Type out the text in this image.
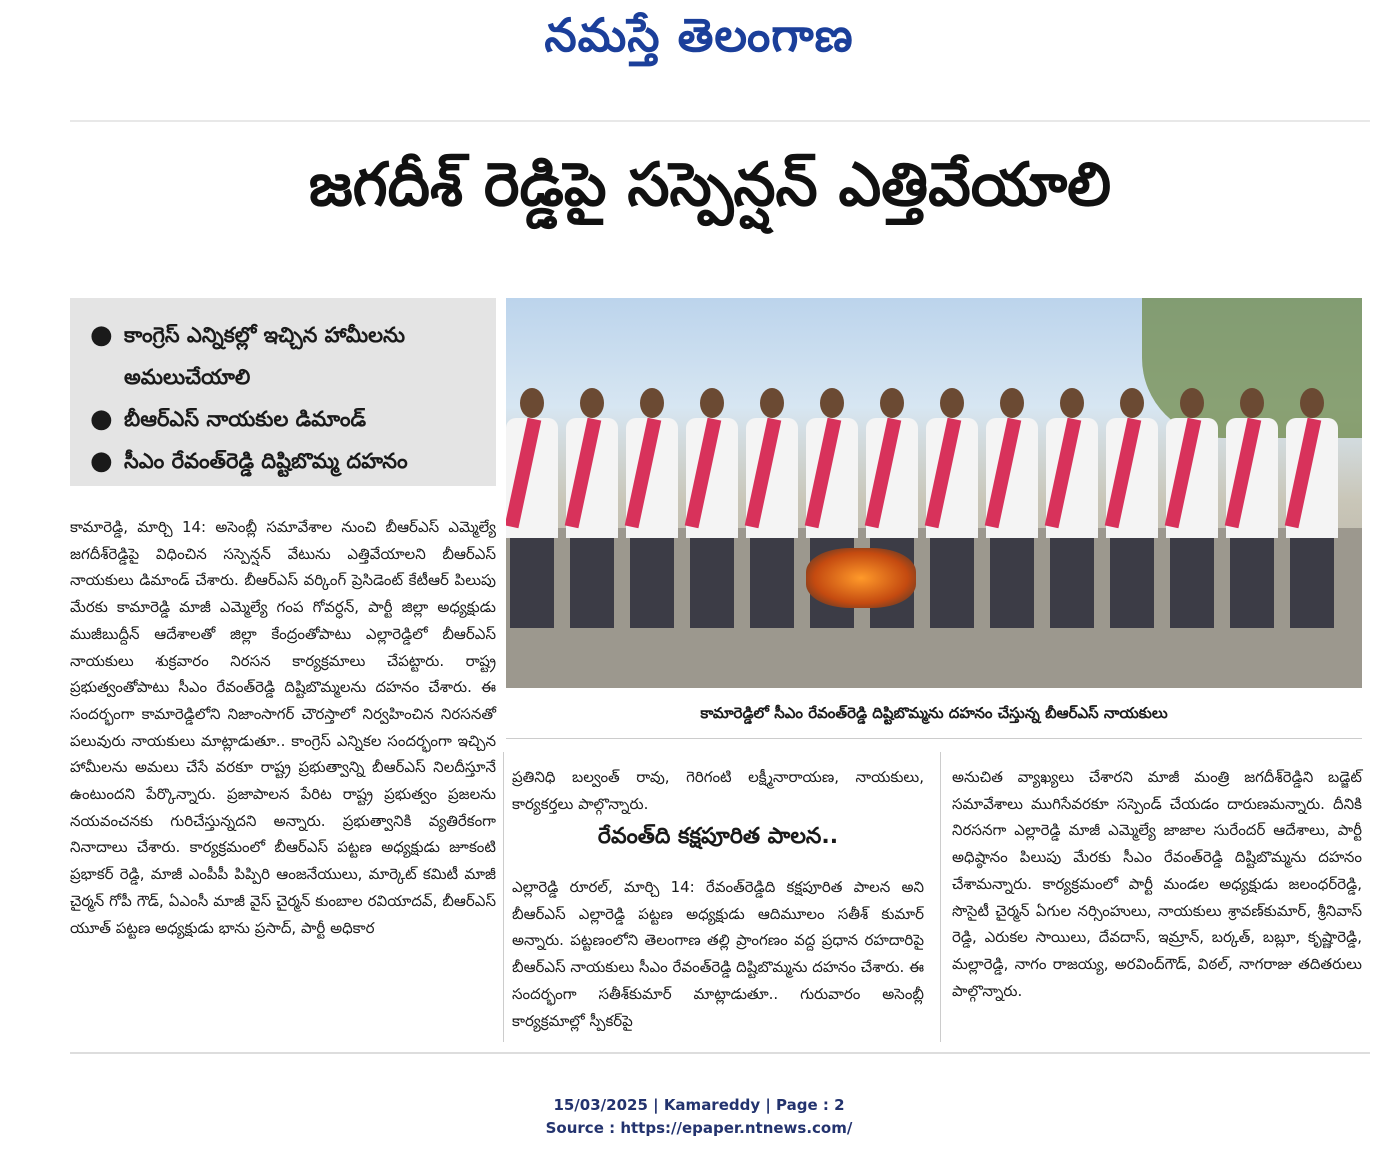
నమస్తే తెలంగాణ
జగదీశ్ రెడ్డిపై సస్పెన్షన్ ఎత్తివేయాలి
● కాంగ్రెస్ ఎన్నికల్లో ఇచ్చిన హామీలను అమలుచేయాలి
● బీఆర్ఎస్ నాయకుల డిమాండ్
● సీఎం రేవంత్‌రెడ్డి దిష్టిబొమ్మ దహనం
కామారెడ్డిలో సీఎం రేవంత్‌రెడ్డి దిష్టిబొమ్మను దహనం చేస్తున్న బీఆర్ఎస్ నాయకులు

కామారెడ్డి, మార్చి 14: అసెంబ్లీ సమావేశాల నుంచి బీఆర్ఎస్ ఎమ్మెల్యే జగదీశ్‌రెడ్డిపై విధించిన సస్పెన్షన్ వేటును ఎత్తివేయాలని బీఆర్ఎస్ నాయకులు డిమాండ్ చేశారు. బీఆర్ఎస్ వర్కింగ్ ప్రెసిడెంట్ కేటీఆర్ పిలుపు మేరకు కామారెడ్డి మాజీ ఎమ్మెల్యే గంప గోవర్ధన్, పార్టీ జిల్లా అధ్యక్షుడు ముజీబుద్దీన్ ఆదేశాలతో జిల్లా కేంద్రంతోపాటు ఎల్లారెడ్డిలో బీఆర్ఎస్ నాయకులు శుక్రవారం నిరసన కార్యక్రమాలు చేపట్టారు. రాష్ట్ర ప్రభుత్వంతోపాటు సీఎం రేవంత్‌రెడ్డి దిష్టిబొమ్మలను దహనం చేశారు. ఈ సందర్భంగా కామారెడ్డిలోని నిజాంసాగర్ చౌరస్తాలో నిర్వహించిన నిరసనతో పలువురు నాయకులు మాట్లాడుతూ.. కాంగ్రెస్ ఎన్నికల సందర్భంగా ఇచ్చిన హామీలను అమలు చేసే వరకూ రాష్ట్ర ప్రభుత్వాన్ని బీఆర్ఎస్ నిలదీస్తూనే ఉంటుందని పేర్కొన్నారు. ప్రజాపాలన పేరిట రాష్ట్ర ప్రభుత్వం ప్రజలను నయవంచనకు గురిచేస్తున్నదని అన్నారు. ప్రభుత్వానికి వ్యతిరేకంగా నినాదాలు చేశారు. కార్యక్రమంలో బీఆర్ఎస్ పట్టణ అధ్యక్షుడు జూకంటి ప్రభాకర్ రెడ్డి, మాజీ ఎంపీపీ పిప్పిరి ఆంజనేయులు, మార్కెట్ కమిటీ మాజీ చైర్మన్ గోపీ గౌడ్, ఏఎంసీ మాజీ వైస్ చైర్మన్ కుంబాల రవియాదవ్, బీఆర్ఎస్ యూత్ పట్టణ అధ్యక్షుడు భాను ప్రసాద్, పార్టీ అధికార

ప్రతినిధి బల్వంత్ రావు, గెరిగంటి లక్ష్మీనారాయణ, నాయకులు, కార్యకర్తలు పాల్గొన్నారు.

రేవంత్‌ది కక్షపూరిత పాలన..

ఎల్లారెడ్డి రూరల్, మార్చి 14: రేవంత్‌రెడ్డిది కక్షపూరిత పాలన అని బీఆర్ఎస్ ఎల్లారెడ్డి పట్టణ అధ్యక్షుడు ఆదిమూలం సతీశ్ కుమార్ అన్నారు. పట్టణంలోని తెలంగాణ తల్లి ప్రాంగణం వద్ద ప్రధాన రహదారిపై బీఆర్ఎస్ నాయకులు సీఎం రేవంత్‌రెడ్డి దిష్టిబొమ్మను దహనం చేశారు. ఈ సందర్భంగా సతీశ్‌కుమార్ మాట్లాడుతూ.. గురువారం అసెంబ్లీ కార్యక్రమాల్లో స్పీకర్‌పై

అనుచిత వ్యాఖ్యలు చేశారని మాజీ మంత్రి జగదీశ్‌రెడ్డిని బడ్జెట్ సమావేశాలు ముగిసేవరకూ సస్పెండ్ చేయడం దారుణమన్నారు. దీనికి నిరసనగా ఎల్లారెడ్డి మాజీ ఎమ్మెల్యే జాజాల సురేందర్ ఆదేశాలు, పార్టీ అధిష్ఠానం పిలుపు మేరకు సీఎం రేవంత్‌రెడ్డి దిష్టిబొమ్మను దహనం చేశామన్నారు. కార్యక్రమంలో పార్టీ మండల అధ్యక్షుడు జలంధర్‌రెడ్డి, సొసైటీ చైర్మన్ ఏగుల నర్సింహులు, నాయకులు శ్రావణ్‌కుమార్, శ్రీనివాస్ రెడ్డి, ఎరుకల సాయిలు, దేవదాస్, ఇమ్రాన్, బర్కత్, బబ్లూ, కృష్ణారెడ్డి, మల్లారెడ్డి, నాగం రాజయ్య, అరవింద్‌గౌడ్, విఠల్, నాగరాజు తదితరులు పాల్గొన్నారు.

15/03/2025 | Kamareddy | Page : 2
Source : https://epaper.ntnews.com/
